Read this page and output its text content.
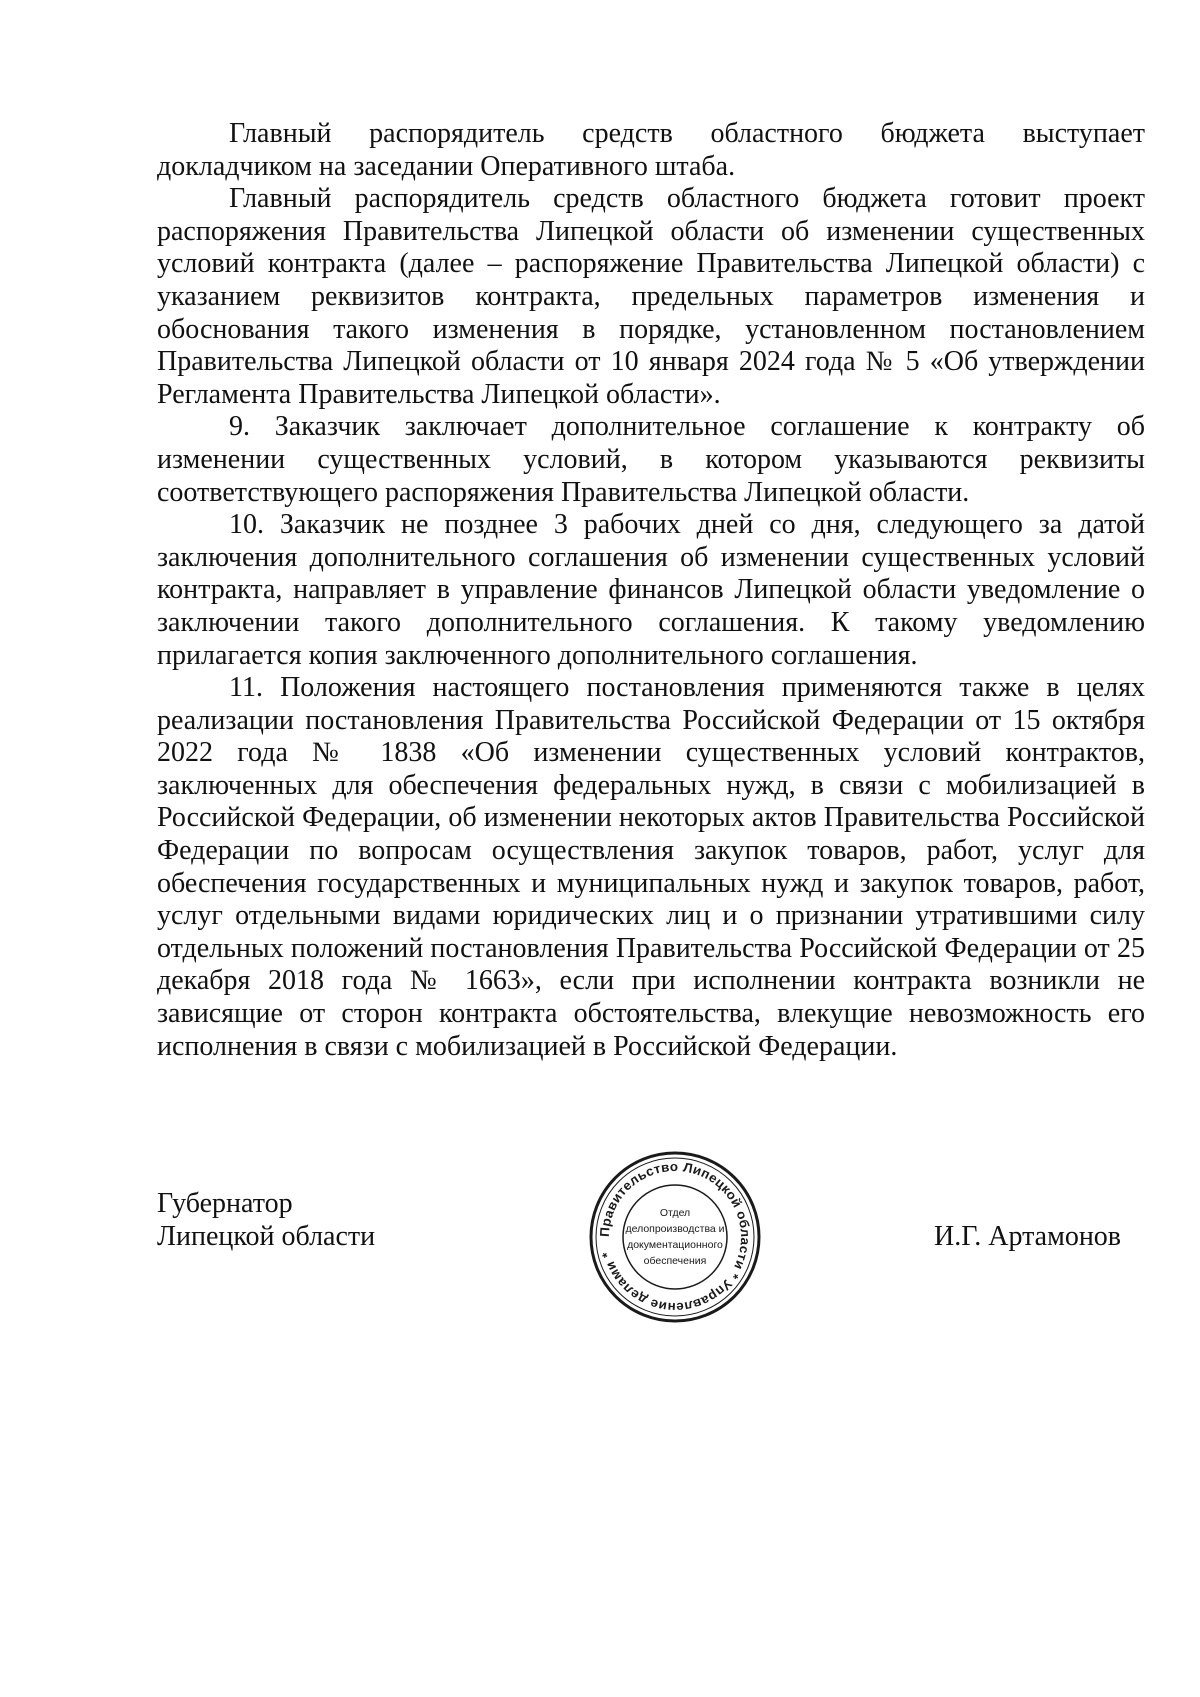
Главный распорядитель средств областного бюджета выступает докладчиком на заседании Оперативного штаба.

Главный распорядитель средств областного бюджета готовит проект распоряжения Правительства Липецкой области об изменении существенных условий контракта (далее – распоряжение Правительства Липецкой области) с указанием реквизитов контракта, предельных параметров изменения и обоснования такого изменения в порядке, установленном постановлением Правительства Липецкой области от 10 января 2024 года № 5 «Об утверждении Регламента Правительства Липецкой области».

9. Заказчик заключает дополнительное соглашение к контракту об изменении существенных условий, в котором указываются реквизиты соответствующего распоряжения Правительства Липецкой области.

10. Заказчик не позднее 3 рабочих дней со дня, следующего за датой заключения дополнительного соглашения об изменении существенных условий контракта, направляет в управление финансов Липецкой области уведомление о заключении такого дополнительного соглашения. К такому уведомлению прилагается копия заключенного дополнительного соглашения.

11. Положения настоящего постановления применяются также в целях реализации постановления Правительства Российской Федерации от 15 октября 2022 года № 1838 «Об изменении существенных условий контрактов, заключенных для обеспечения федеральных нужд, в связи с мобилизацией в Российской Федерации, об изменении некоторых актов Правительства Российской Федерации по вопросам осуществления закупок товаров, работ, услуг для обеспечения государственных и муниципальных нужд и закупок товаров, работ, услуг отдельными видами юридических лиц и о признании утратившими силу отдельных положений постановления Правительства Российской Федерации от 25 декабря 2018 года № 1663», если при исполнении контракта возникли не зависящие от сторон контракта обстоятельства, влекущие невозможность его исполнения в связи с мобилизацией в Российской Федерации.

Губернатор
Липецкой области	Правительство Липецкой области * Управление делами *
Отдел
делопроизводства и
документационного
обеспечения
И.Г. Артамонов
